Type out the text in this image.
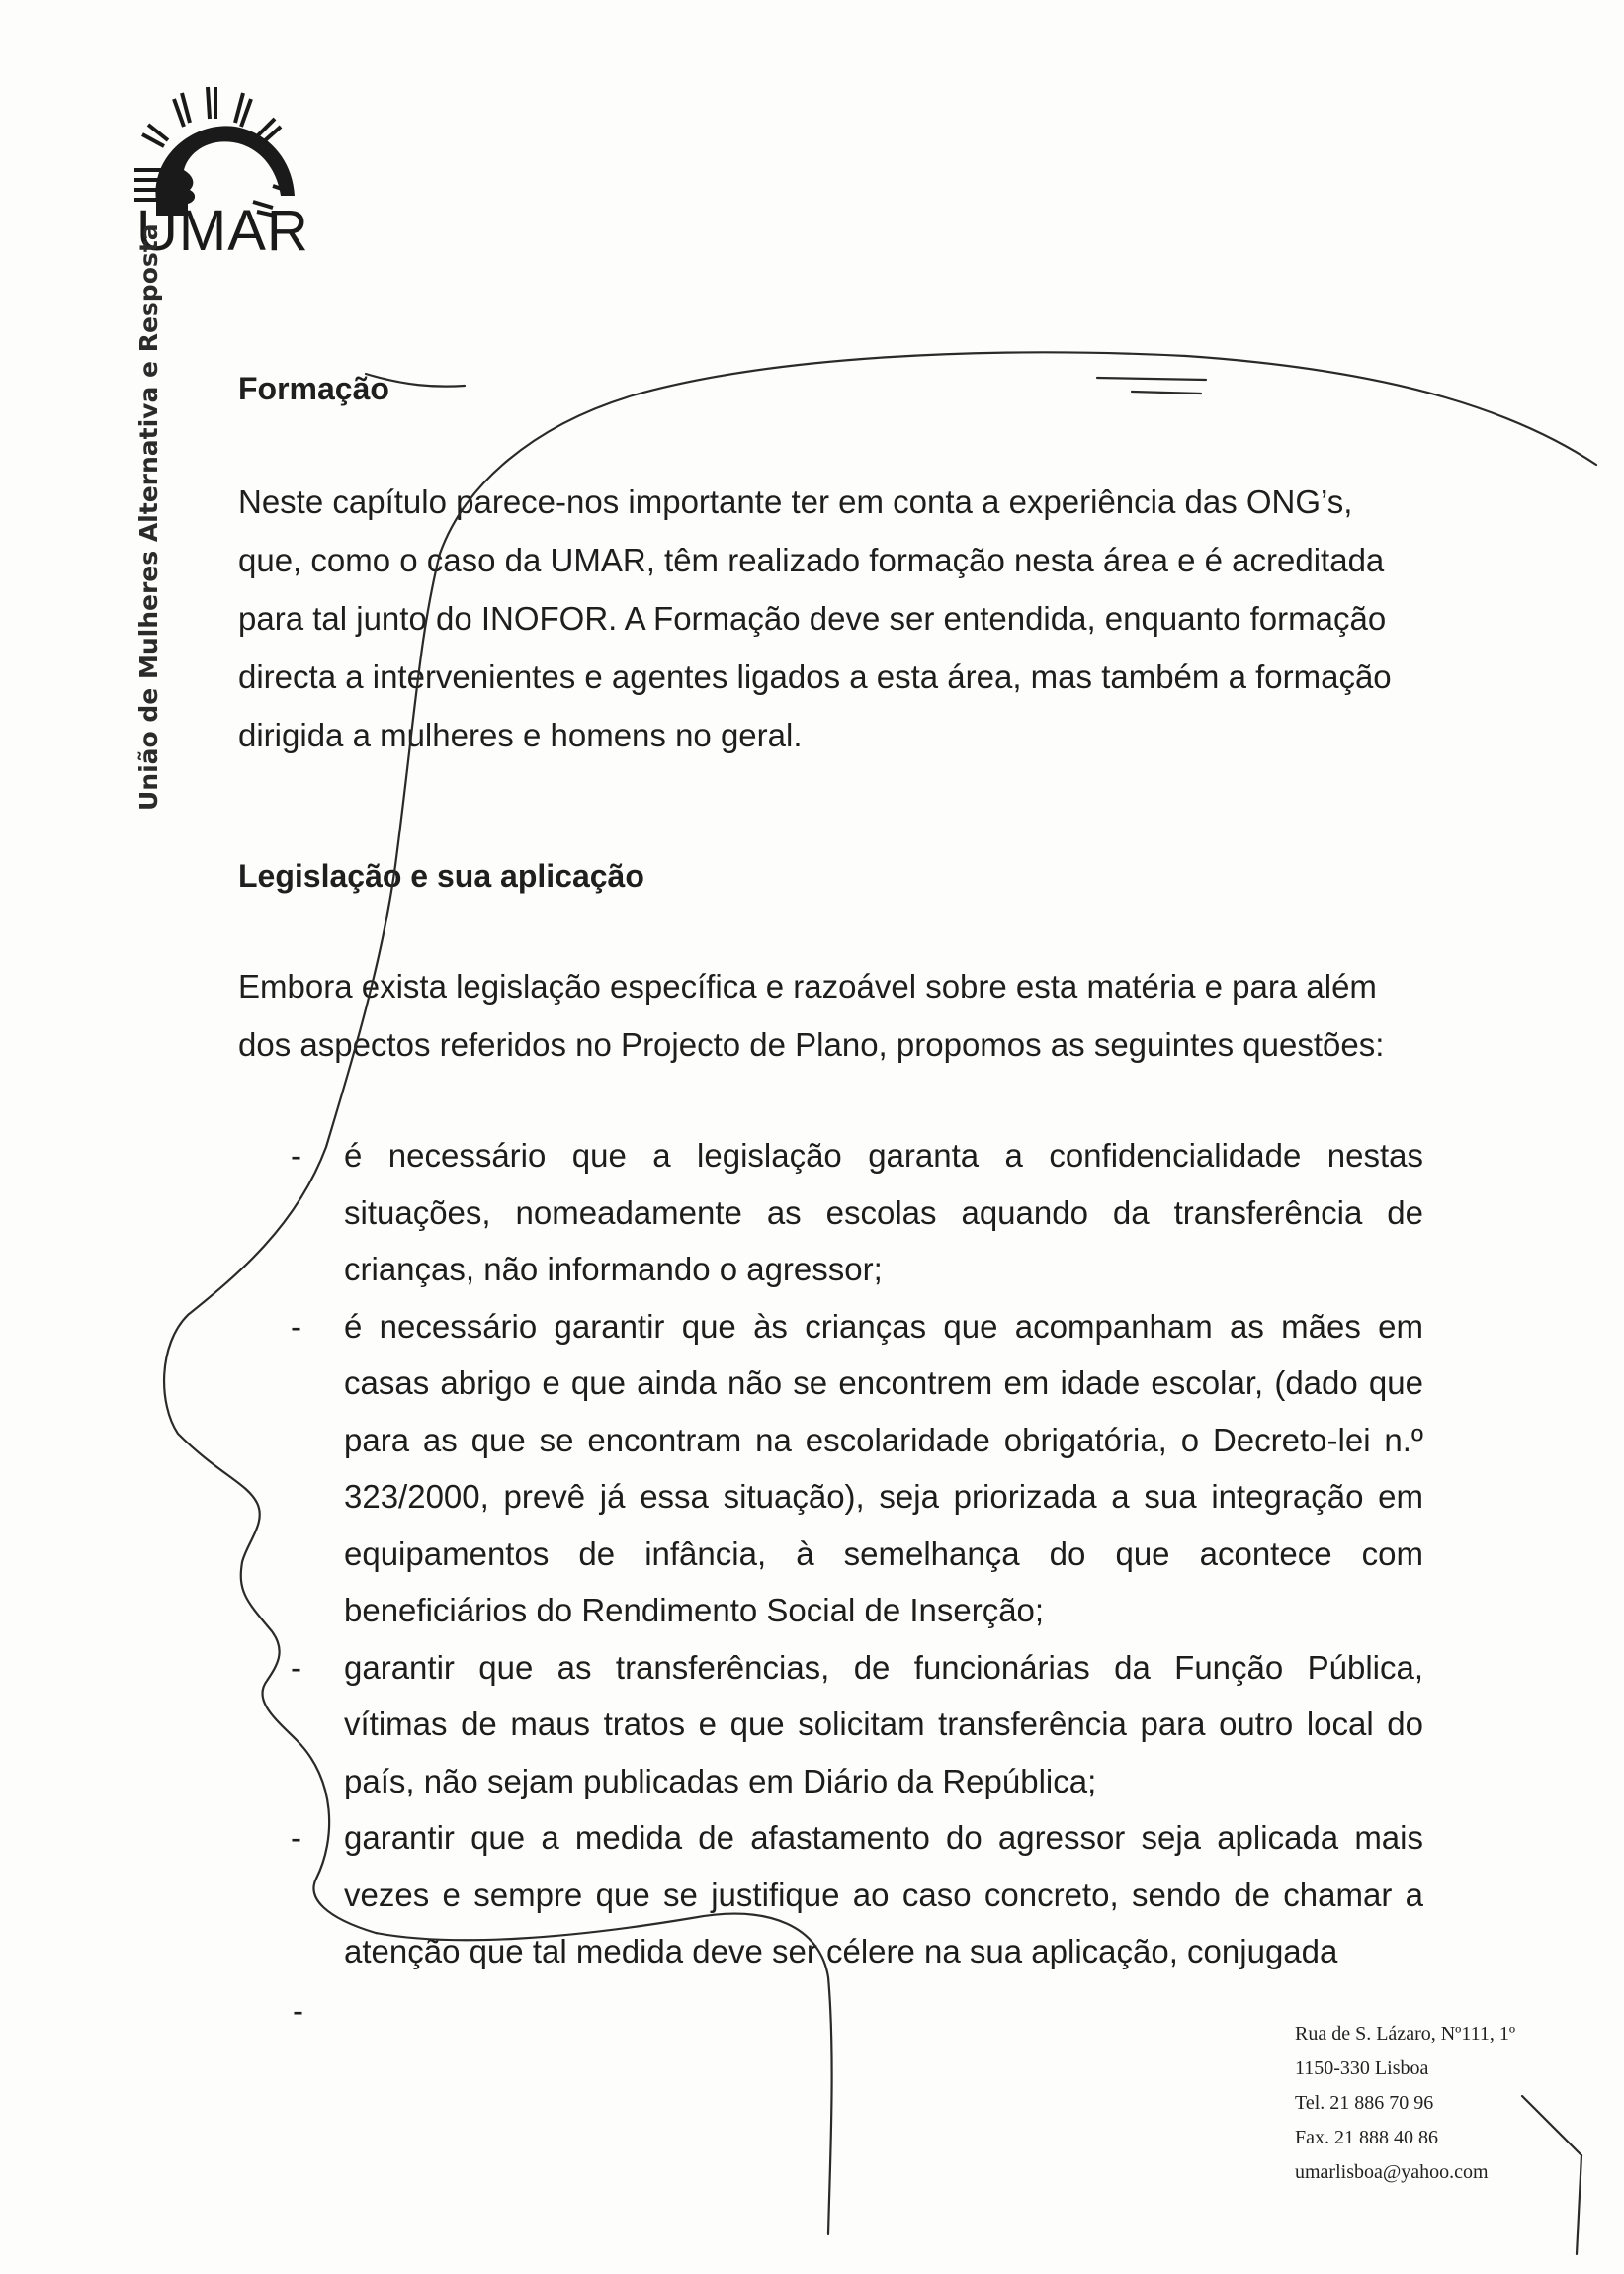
UMAR
União de Mulheres Alternativa e Resposta Formação
Neste capítulo parece-nos importante ter em conta a experiência das ONG’s,
que, como o caso da UMAR, têm realizado formação nesta área e é acreditada
para tal junto do INOFOR. A Formação deve ser entendida, enquanto formação
directa a intervenientes e agentes ligados a esta área, mas também a formação
dirigida a mulheres e homens no geral.
Legislação e sua aplicação
Embora exista legislação específica e razoável sobre esta matéria e para além
dos aspectos referidos no Projecto de Plano, propomos as seguintes questões:
- é necessário que a legislação garanta a confidencialidade nestas
situações, nomeadamente as escolas aquando da transferência de
crianças, não informando o agressor;
- é necessário garantir que às crianças que acompanham as mães em
casas abrigo e que ainda não se encontrem em idade escolar, (dado que
para as que se encontram na escolaridade obrigatória, o Decreto-lei n.º
323/2000, prevê já essa situação), seja priorizada a sua integração em
equipamentos de infância, à semelhança do que acontece com
beneficiários do Rendimento Social de Inserção;
- garantir que as transferências, de funcionárias da Função Pública,
vítimas de maus tratos e que solicitam transferência para outro local do
país, não sejam publicadas em Diário da República;
- garantir que a medida de afastamento do agressor seja aplicada mais
vezes e sempre que se justifique ao caso concreto, sendo de chamar a
atenção que tal medida deve ser célere na sua aplicação, conjugada
-
Rua de S. Lázaro, Nº111, 1º
1150-330 Lisboa
Tel. 21 886 70 96
Fax. 21 888 40 86
umarlisboa@yahoo.com
